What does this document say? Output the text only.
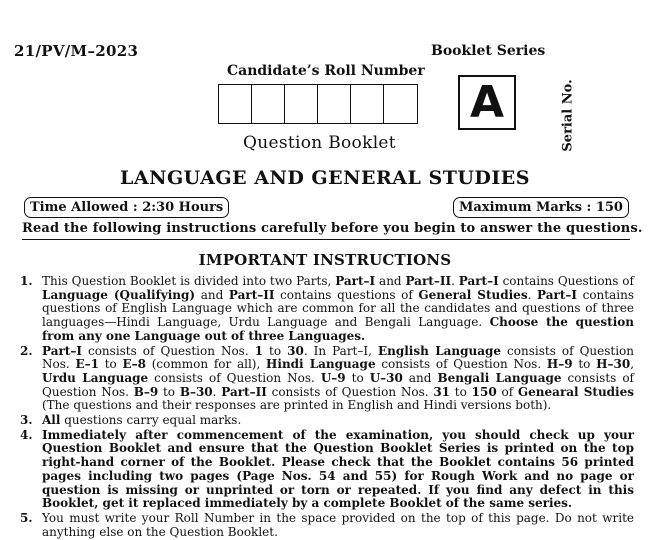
21/PV/M–2023	Booklet Series
Candidate’s Roll Number
A	Serial No.
Question Booklet
LANGUAGE AND GENERAL STUDIES
Time Allowed : 2:30 Hours	Maximum Marks : 150
Read the following instructions carefully before you begin to answer the questions.
IMPORTANT INSTRUCTIONS
1. This Question Booklet is divided into two Parts, Part–I and Part–II. Part–I contains Questions of Language (Qualifying) and Part–II contains questions of General Studies. Part–I contains questions of English Language which are common for all the candidates and questions of three languages—Hindi Language, Urdu Language and Bengali Language. Choose the question from any one Language out of three Languages.
2. Part–I consists of Question Nos. 1 to 30. In Part–I, English Language consists of Question Nos. E–1 to E–8 (common for all), Hindi Language consists of Question Nos. H–9 to H–30, Urdu Language consists of Question Nos. U–9 to U–30 and Bengali Language consists of Question Nos. B–9 to B–30. Part–II consists of Question Nos. 31 to 150 of Genearal Studies (The questions and their responses are printed in English and Hindi versions both).
3. All questions carry equal marks.
4. Immediately after commencement of the examination, you should check up your Question Booklet and ensure that the Question Booklet Series is printed on the top right-hand corner of the Booklet. Please check that the Booklet contains 56 printed pages including two pages (Page Nos. 54 and 55) for Rough Work and no page or question is missing or unprinted or torn or repeated. If you find any defect in this Booklet, get it replaced immediately by a complete Booklet of the same series.
5. You must write your Roll Number in the space provided on the top of this page. Do not write anything else on the Question Booklet.
